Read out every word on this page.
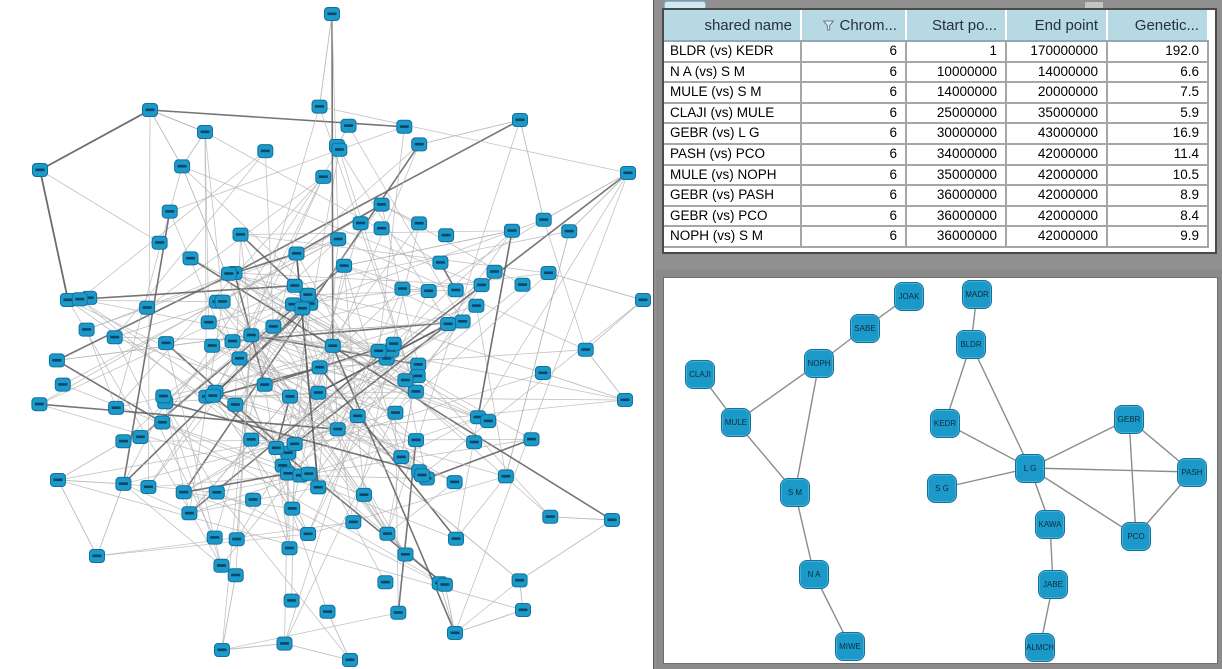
shared name	Chrom...	Start po...	End point	Genetic...	

BLDR (vs) KEDR	6	1	170000000	192.0	
N A (vs) S M	6	10000000	14000000	6.6	
MULE (vs) S M	6	14000000	20000000	7.5	
CLAJI (vs) MULE	6	25000000	35000000	5.9	
GEBR (vs) L G	6	30000000	43000000	16.9	
PASH (vs) PCO	6	34000000	42000000	11.4	
MULE (vs) NOPH	6	35000000	42000000	10.5	
GEBR (vs) PASH	6	36000000	42000000	8.9	
GEBR (vs) PCO	6	36000000	42000000	8.4	
NOPH (vs) S M	6	36000000	42000000	9.9	
JOAK
SABE
NOPH
CLAJI
MULE
S M
N A
MIWE
MADR
BLDR
KEDR
S G
L G
GEBR
PASH
KAWA
PCO
JABE
ALMCH
